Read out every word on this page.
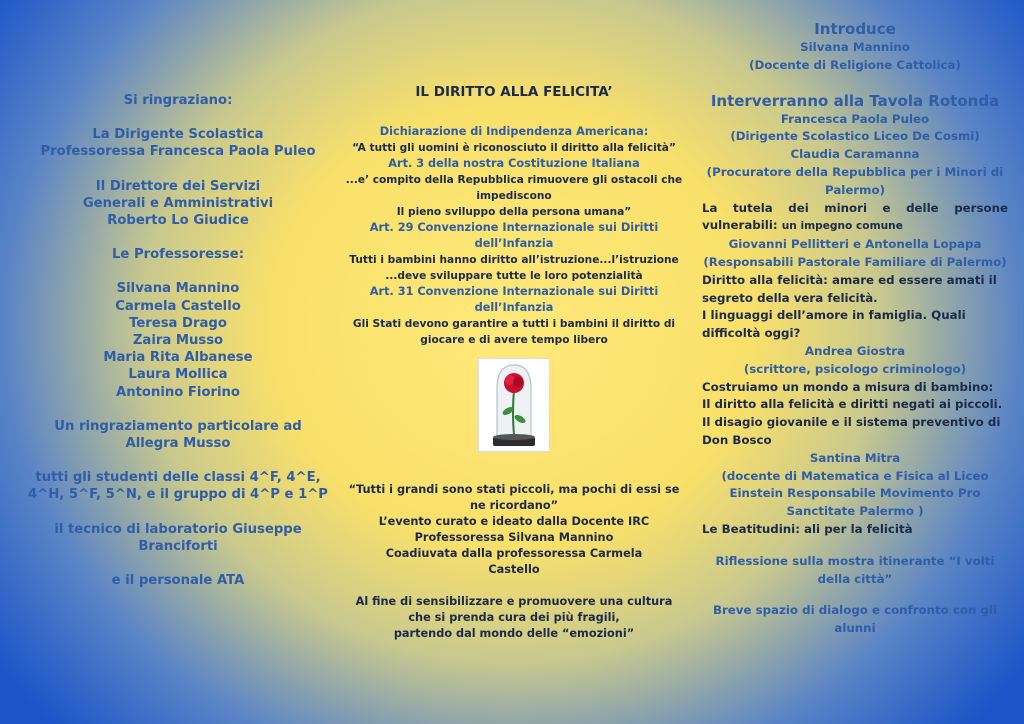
Si ringraziano:

La Dirigente Scolastica

Professoressa Francesca Paola Puleo

Il Direttore dei Servizi

Generali e Amministrativi

Roberto Lo Giudice

Le Professoresse:

Silvana Mannino

Carmela Castello

Teresa Drago

Zaira Musso

Maria Rita Albanese

Laura Mollica

Antonino Fiorino

Un ringraziamento particolare ad

Allegra Musso

tutti gli studenti delle classi 4^F, 4^E,

4^H, 5^F, 5^N, e il gruppo di 4^P e 1^P

il tecnico di laboratorio Giuseppe

Branciforti

e il personale ATA

IL DIRITTO ALLA FELICITA’

Dichiarazione di Indipendenza Americana:

“A tutti gli uomini è riconosciuto il diritto alla felicità”

Art. 3 della nostra Costituzione Italiana

...e’ compito della Repubblica rimuovere gli ostacoli che impediscono

Il pieno sviluppo della persona umana”

Art. 29 Convenzione Internazionale sui Diritti dell’Infanzia

Tutti i bambini hanno diritto all’istruzione...l’istruzione ...deve sviluppare tutte le loro potenzialità

Art. 31 Convenzione Internazionale sui Diritti dell’Infanzia

Gli Stati devono garantire a tutti i bambini il diritto di giocare e di avere tempo libero

“Tutti i grandi sono stati piccoli, ma pochi di essi se ne ricordano”

L’evento curato e ideato dalla Docente IRC

Professoressa Silvana Mannino

Coadiuvata dalla professoressa Carmela

Castello

Al fine di sensibilizzare e promuovere una cultura che si prenda cura dei più fragili,

partendo dal mondo delle “emozioni”

Introduce

Silvana Mannino

(Docente di Religione Cattolica)

Interverranno alla Tavola Rotonda

Francesca Paola Puleo

(Dirigente Scolastico Liceo De Cosmi)

Claudia Caramanna

(Procuratore della Repubblica per i Minori di Palermo)

La tutela dei minori e delle persone vulnerabili: un impegno comune

Giovanni Pellitteri e Antonella Lopapa

(Responsabili Pastorale Familiare di Palermo)

Diritto alla felicità: amare ed essere amati il segreto della vera felicità.

I linguaggi dell’amore in famiglia. Quali difficoltà oggi?

Andrea Giostra

(scrittore, psicologo criminologo)

Costruiamo un mondo a misura di bambino:

Il diritto alla felicità e diritti negati ai piccoli.

Il disagio giovanile e il sistema preventivo di Don Bosco

Santina Mitra

(docente di Matematica e Fisica al Liceo Einstein Responsabile Movimento Pro Sanctitate Palermo )

Le Beatitudini: ali per la felicità

Riflessione sulla mostra itinerante “I volti della città”

Breve spazio di dialogo e confronto con gli alunni
